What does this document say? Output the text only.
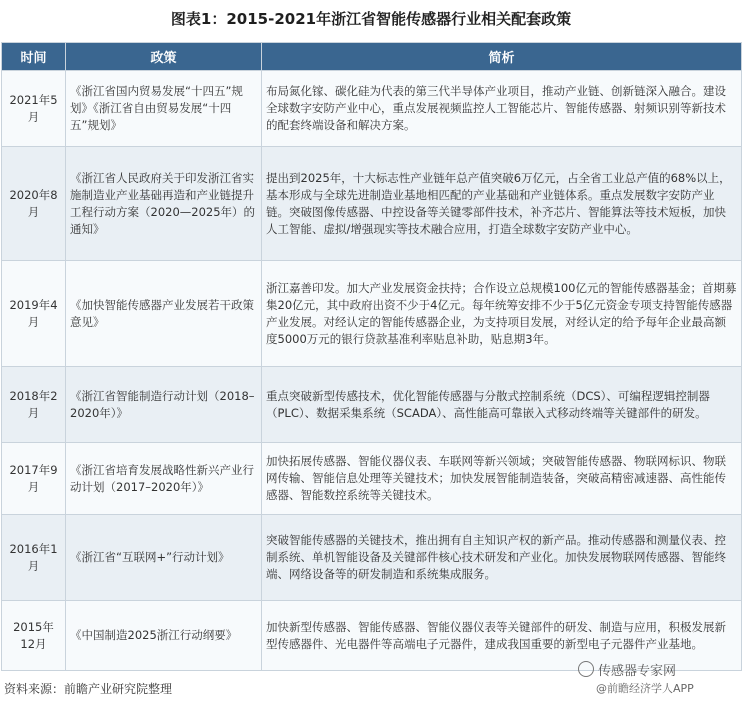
图表1：2015-2021年浙江省智能传感器行业相关配套政策
时间	政策	简析
2021年5月	《浙江省国内贸易发展“十四五”规划》《浙江省自由贸易发展“十四五”规划》	布局氮化镓、碳化硅为代表的第三代半导体产业项目，推动产业链、创新链深入融合。建设全球数字安防产业中心，重点发展视频监控人工智能芯片、智能传感器、射频识别等新技术的配套终端设备和解决方案。
2020年8月	《浙江省人民政府关于印发浙江省实施制造业产业基础再造和产业链提升工程行动方案（2020—2025年）的通知》	提出到2025年，十大标志性产业链年总产值突破6万亿元，占全省工业总产值的68%以上，基本形成与全球先进制造业基地相匹配的产业基础和产业链体系。重点发展数字安防产业链。突破图像传感器、中控设备等关键零部件技术，补齐芯片、智能算法等技术短板，加快人工智能、虚拟/增强现实等技术融合应用，打造全球数字安防产业中心。
2019年4月	《加快智能传感器产业发展若干政策意见》	浙江嘉善印发。加大产业发展资金扶持；合作设立总规模100亿元的智能传感器基金；首期募集20亿元，其中政府出资不少于4亿元。每年统筹安排不少于5亿元资金专项支持智能传感器产业发展。对经认定的智能传感器企业，为支持项目发展，对经认定的给予每年企业最高额度5000万元的银行贷款基准利率贴息补助，贴息期3年。
2018年2月	《浙江省智能制造行动计划（2018–2020年）》	重点突破新型传感技术，优化智能传感器与分散式控制系统（DCS）、可编程逻辑控制器（PLC）、数据采集系统（SCADA）、高性能高可靠嵌入式移动终端等关键部件的研发。
2017年9月	《浙江省培育发展战略性新兴产业行动计划（2017–2020年）》	加快拓展传感器、智能仪器仪表、车联网等新兴领域；突破智能传感器、物联网标识、物联网传输、智能信息处理等关键技术；加快发展智能制造装备，突破高精密减速器、高性能传感器、智能数控系统等关键技术。
2016年1月	《浙江省“互联网+”行动计划》	突破智能传感器的关键技术，推出拥有自主知识产权的新产品。推动传感器和测量仪表、控制系统、单机智能设备及关键部件核心技术研发和产业化。加快发展物联网传感器、智能终端、网络设备等的研发制造和系统集成服务。
2015年12月	《中国制造2025浙江行动纲要》	加快新型传感器、智能传感器、智能仪器仪表等关键部件的研发、制造与应用，积极发展新型传感器件、光电器件等高端电子元器件，建成我国重要的新型电子元器件产业基地。
资料来源：前瞻产业研究院整理
传感器专家网
@前瞻经济学人APP
